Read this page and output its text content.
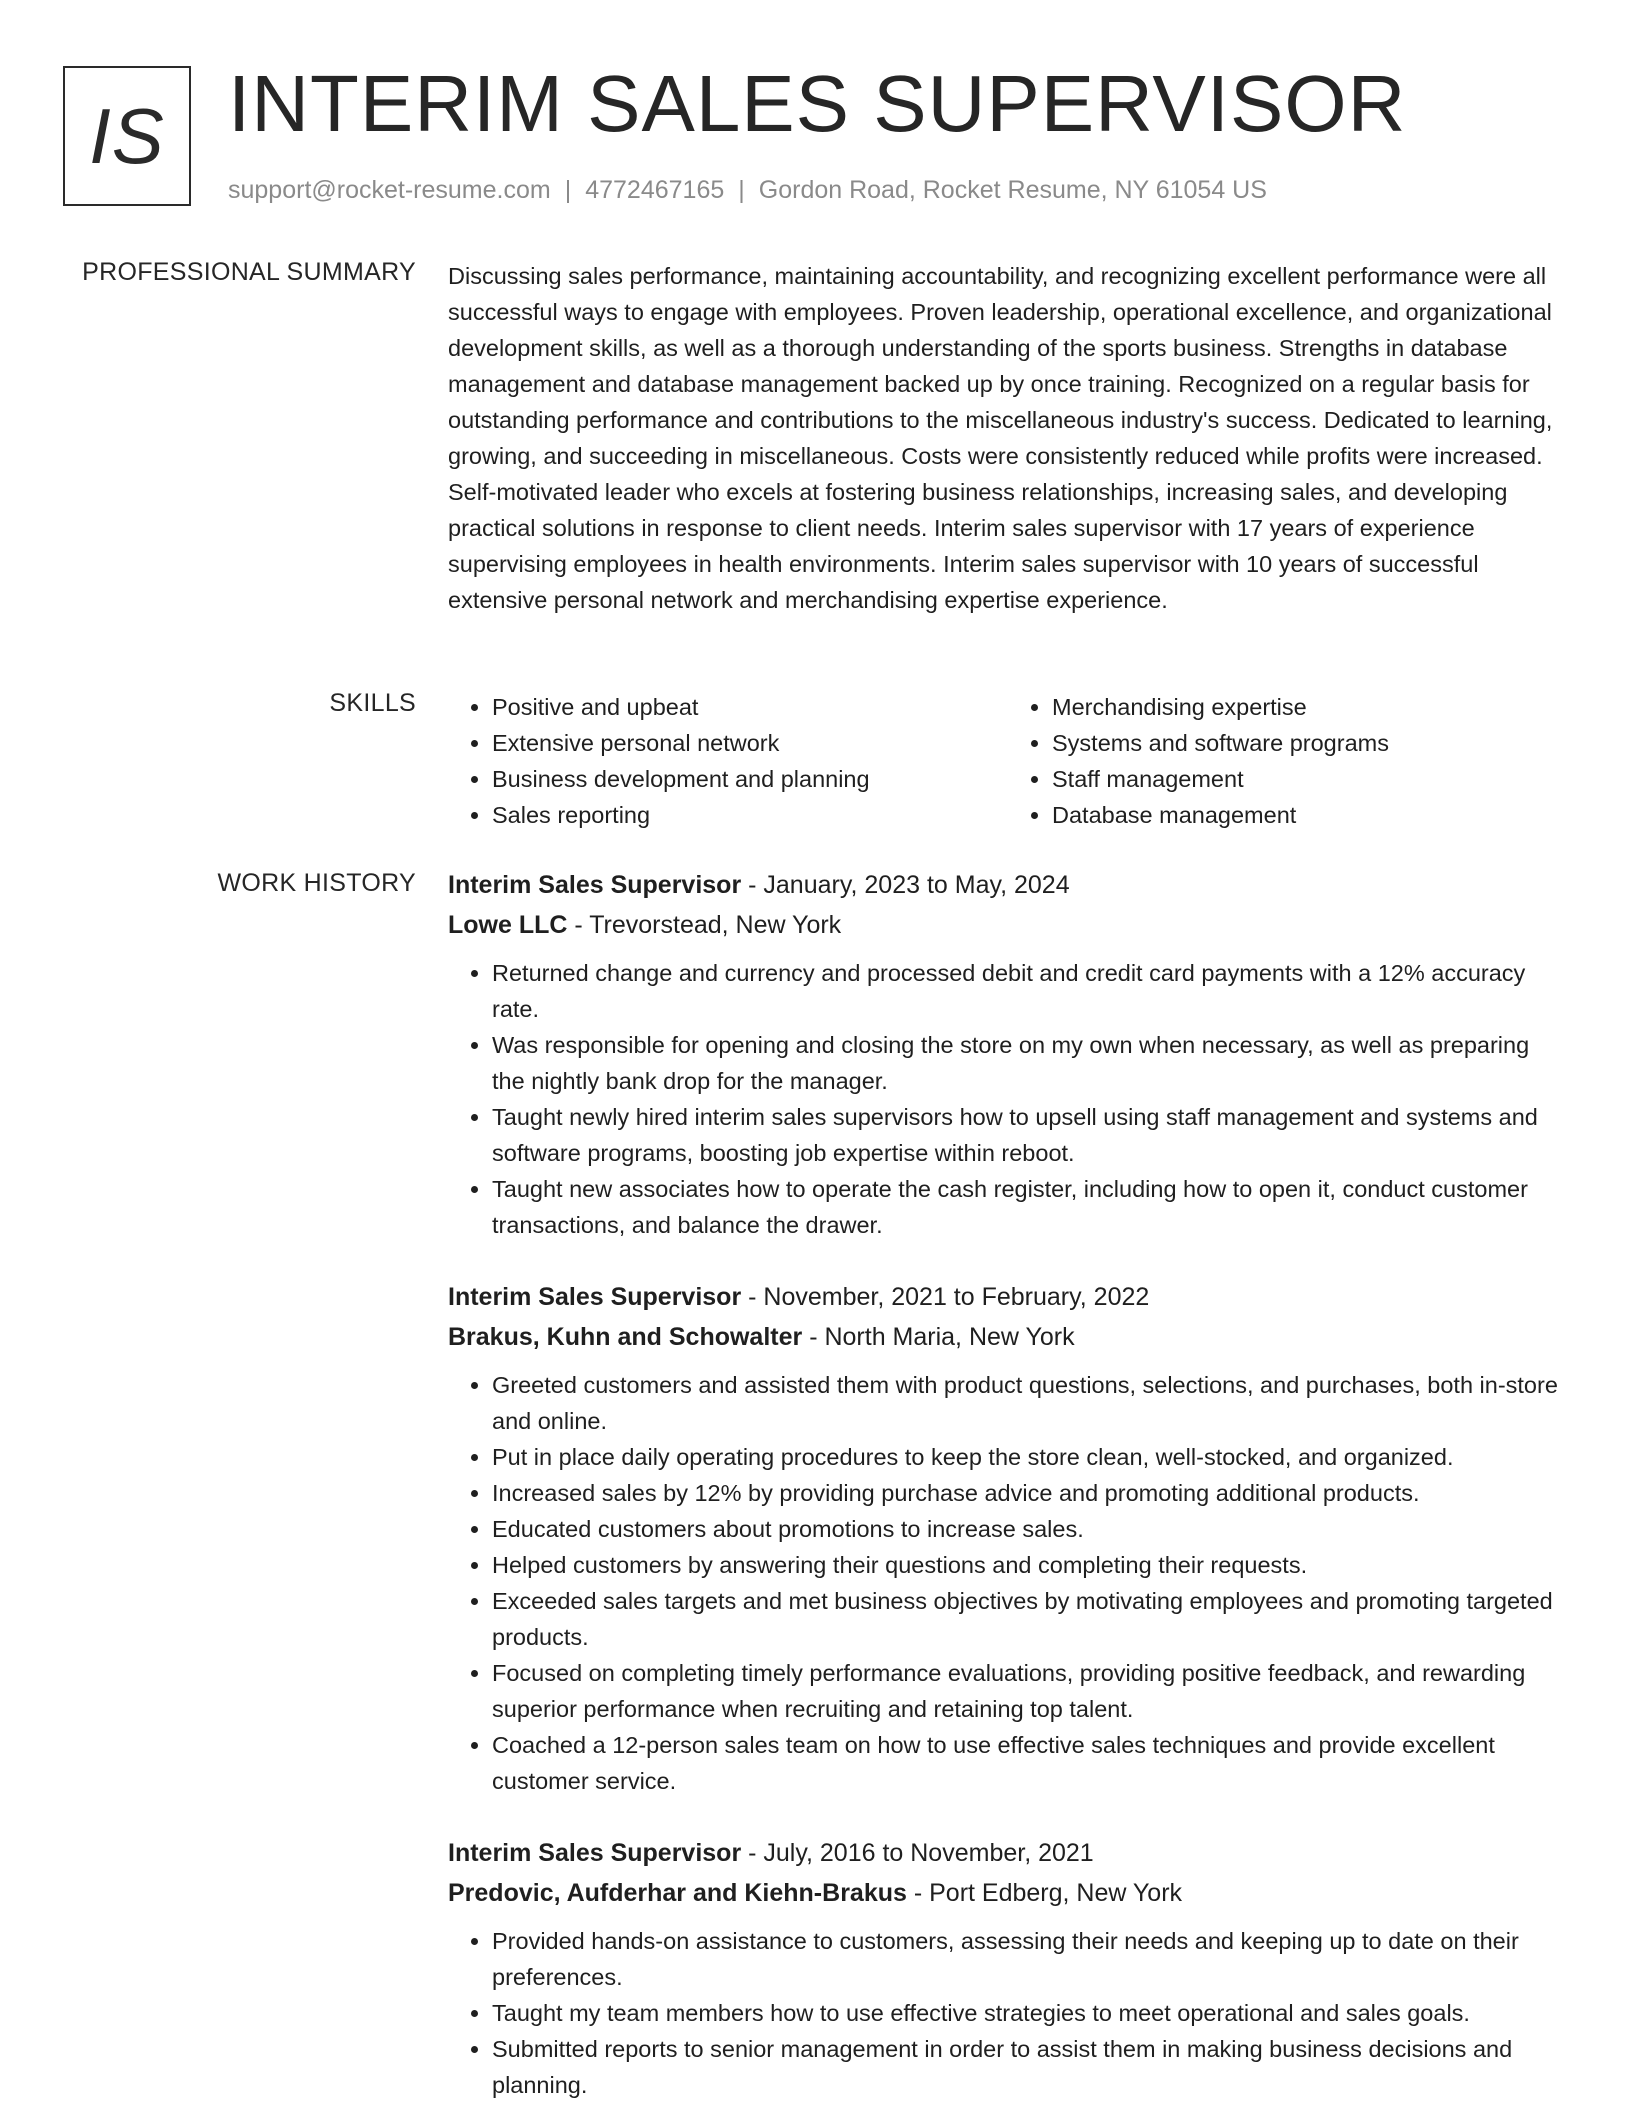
IS INTERIM SALES SUPERVISOR
support@rocket-resume.com | 4772467165 | Gordon Road, Rocket Resume, NY 61054 US
PROFESSIONAL SUMMARY Discussing sales performance, maintaining accountability, and recognizing excellent performance were all successful ways to engage with employees. Proven leadership, operational excellence, and organizational development skills, as well as a thorough understanding of the sports business. Strengths in database management and database management backed up by once training. Recognized on a regular basis for outstanding performance and contributions to the miscellaneous industry's success. Dedicated to learning, growing, and succeeding in miscellaneous. Costs were consistently reduced while profits were increased. Self-motivated leader who excels at fostering business relationships, increasing sales, and developing practical solutions in response to client needs. Interim sales supervisor with 17 years of experience supervising employees in health environments. Interim sales supervisor with 10 years of successful extensive personal network and merchandising expertise experience.

SKILLS
•	Positive and upbeat
• Extensive personal network
• Business development and planning
• Sales reporting
• Merchandising expertise
• Systems and software programs
• Staff management
• Database management
WORK HISTORY Interim Sales Supervisor - January, 2023 to May, 2024
Lowe LLC - Trevorstead, New York
• Returned change and currency and processed debit and credit card payments with a 12% accuracy rate.
• Was responsible for opening and closing the store on my own when necessary, as well as preparing the nightly bank drop for the manager.
• Taught newly hired interim sales supervisors how to upsell using staff management and systems and software programs, boosting job expertise within reboot.
• Taught new associates how to operate the cash register, including how to open it, conduct customer transactions, and balance the drawer.
Interim Sales Supervisor - November, 2021 to February, 2022
Brakus, Kuhn and Schowalter - North Maria, New York
• Greeted customers and assisted them with product questions, selections, and purchases, both in-store and online.
• Put in place daily operating procedures to keep the store clean, well-stocked, and organized.
• Increased sales by 12% by providing purchase advice and promoting additional products.
• Educated customers about promotions to increase sales.
• Helped customers by answering their questions and completing their requests.
• Exceeded sales targets and met business objectives by motivating employees and promoting targeted products.
• Focused on completing timely performance evaluations, providing positive feedback, and rewarding superior performance when recruiting and retaining top talent.
• Coached a 12-person sales team on how to use effective sales techniques and provide excellent customer service.
Interim Sales Supervisor - July, 2016 to November, 2021
Predovic, Aufderhar and Kiehn-Brakus - Port Edberg, New York
• Provided hands-on assistance to customers, assessing their needs and keeping up to date on their preferences.
• Taught my team members how to use effective strategies to meet operational and sales goals.
• Submitted reports to senior management in order to assist them in making business decisions and planning.
